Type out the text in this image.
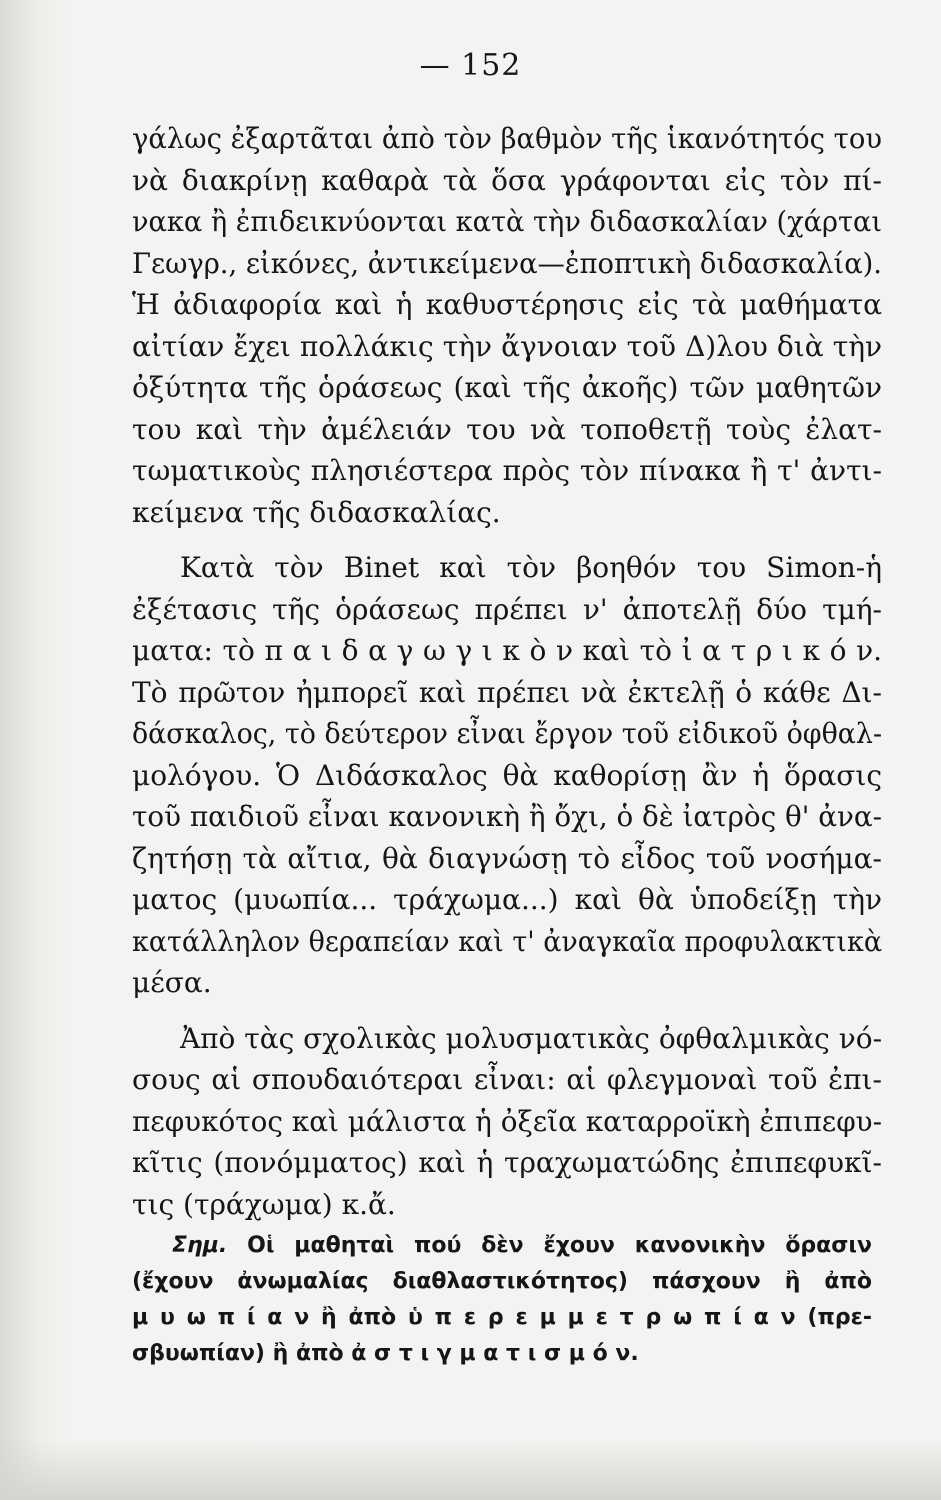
— 152
γάλως ἐξαρτᾶται ἀπὸ τὸν βαθμὸν τῆς ἱκανότητός του
νὰ διακρίνῃ καθαρὰ τὰ ὅσα γράφονται εἰς τὸν πί-
νακα ἢ ἐπιδεικνύονται κατὰ τὴν διδασκαλίαν (χάρται
Γεωγρ., εἰκόνες, ἀντικείμενα—ἐποπτικὴ διδασκαλία).
Ἡ ἀδιαφορία καὶ ἡ καθυστέρησις εἰς τὰ μαθήματα
αἰτίαν ἔχει πολλάκις τὴν ἄγνοιαν τοῦ Δ)λου διὰ τὴν
ὀξύτητα τῆς ὁράσεως (καὶ τῆς ἀκοῆς) τῶν μαθητῶν
του καὶ τὴν ἀμέλειάν του νὰ τοποθετῇ τοὺς ἐλατ-
τωματικοὺς πλησιέστερα πρὸς τὸν πίνακα ἢ τ' ἀντι-
κείμενα τῆς διδασκαλίας.
Κατὰ τὸν Binet καὶ τὸν βοηθόν του Simon-ἡ
ἐξέτασις τῆς ὁράσεως πρέπει ν' ἀποτελῇ δύο τμή-
ματα: τὸ π α ι δ α γ ω γ ι κ ὸ ν καὶ τὸ ἰ α τ ρ ι κ ό ν.
Τὸ πρῶτον ἠμπορεῖ καὶ πρέπει νὰ ἐκτελῇ ὁ κάθε Δι-
δάσκαλος, τὸ δεύτερον εἶναι ἔργον τοῦ εἰδικοῦ ὀφθαλ-
μολόγου. Ὁ Διδάσκαλος θὰ καθορίσῃ ἂν ἡ ὅρασις
τοῦ παιδιοῦ εἶναι κανονικὴ ἢ ὄχι, ὁ δὲ ἰατρὸς θ' ἀνα-
ζητήσῃ τὰ αἴτια, θὰ διαγνώσῃ τὸ εἶδος τοῦ νοσήμα-
ματος (μυωπία... τράχωμα...) καὶ θὰ ὑποδείξῃ τὴν
κατάλληλον θεραπείαν καὶ τ' ἀναγκαῖα προφυλακτικὰ
μέσα.
Ἀπὸ τὰς σχολικὰς μολυσματικὰς ὀφθαλμικὰς νό-
σους αἱ σπουδαιότεραι εἶναι: αἱ φλεγμοναὶ τοῦ ἐπι-
πεφυκότος καὶ μάλιστα ἡ ὀξεῖα καταρροϊκὴ ἐπιπεφυ-
κῖτις (πονόμματος) καὶ ἡ τραχωματώδης ἐπιπεφυκῖ-
τις (τράχωμα) κ.ἄ.
Σημ. Οἱ μαθηταὶ πού δὲν ἔχουν κανονικὴν ὅρασιν
(ἔχουν ἀνωμαλίας διαθλαστικότητος) πάσχουν ἢ ἀπὸ
μ υ ω π ί α ν ἢ ἀπὸ ὑ π ε ρ ε μ μ ε τ ρ ω π ί α ν (πρε-
σβυωπίαν) ἢ ἀπὸ ἀ σ τ ι γ μ α τ ι σ μ ό ν.
